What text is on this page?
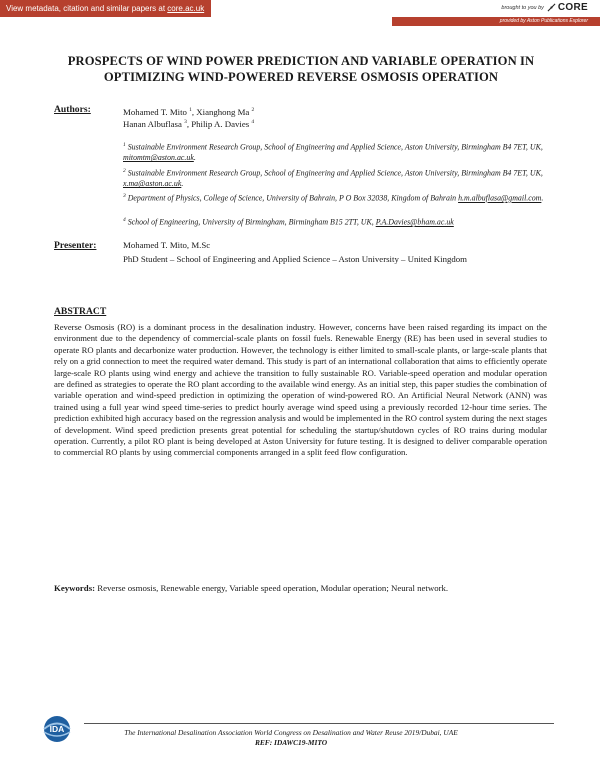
View metadata, citation and similar papers at core.ac.uk	brought to you by CORE
provided by Aston Publications Explorer
PROSPECTS OF WIND POWER PREDICTION AND VARIABLE OPERATION IN OPTIMIZING WIND-POWERED REVERSE OSMOSIS OPERATION
Authors:	Mohamed T. Mito $^1$, Xianghong Ma $^2$
Hanan Albuflasa $^3$, Philip A. Davies $^4$
$^1$ Sustainable Environment Research Group, School of Engineering and Applied Science, Aston University, Birmingham B4 7ET, UK, mitomtm@aston.ac.uk.
$^2$ Sustainable Environment Research Group, School of Engineering and Applied Science, Aston University, Birmingham B4 7ET, UK, x.ma@aston.ac.uk.
$^3$ Department of Physics, College of Science, University of Bahrain, P O Box 32038, Kingdom of Bahrain h.m.albuflasa@gmail.com.
$^4$ School of Engineering, University of Birmingham, Birmingham B15 2TT, UK, P.A.Davies@bham.ac.uk
Presenter:	Mohamed T. Mito, M.Sc
PhD Student – School of Engineering and Applied Science – Aston University – United Kingdom
ABSTRACT
Reverse Osmosis (RO) is a dominant process in the desalination industry. However, concerns have been raised regarding its impact on the environment due to the dependency of commercial-scale plants on fossil fuels. Renewable Energy (RE) has been used in several studies to operate RO plants and decarbonize water production. However, the technology is either limited to small-scale plants, or large-scale plants that rely on a grid connection to meet the required water demand. This study is part of an international collaboration that aims to efficiently operate large-scale RO plants using wind energy and achieve the transition to fully sustainable RO. Variable-speed operation and modular operation are defined as strategies to operate the RO plant according to the available wind energy. As an initial step, this paper studies the combination of variable operation and wind-speed prediction in optimizing the operation of wind-powered RO. An Artificial Neural Network (ANN) was trained using a full year wind speed time-series to predict hourly average wind speed using a previously recorded 12-hour time series. The prediction exhibited high accuracy based on the regression analysis and would be implemented in the RO control system during the next stages of development. Wind speed prediction presents great potential for scheduling the startup/shutdown cycles of RO trains during modular operation. Currently, a pilot RO plant is being developed at Aston University for future testing. It is designed to deliver comparable operation to commercial RO plants by using commercial components arranged in a split feed flow configuration.
Keywords: Reverse osmosis, Renewable energy, Variable speed operation, Modular operation; Neural network.
IDA	The International Desalination Association World Congress on Desalination and Water Reuse 2019/Dubai, UAE
REF: IDAWC19-MITO
